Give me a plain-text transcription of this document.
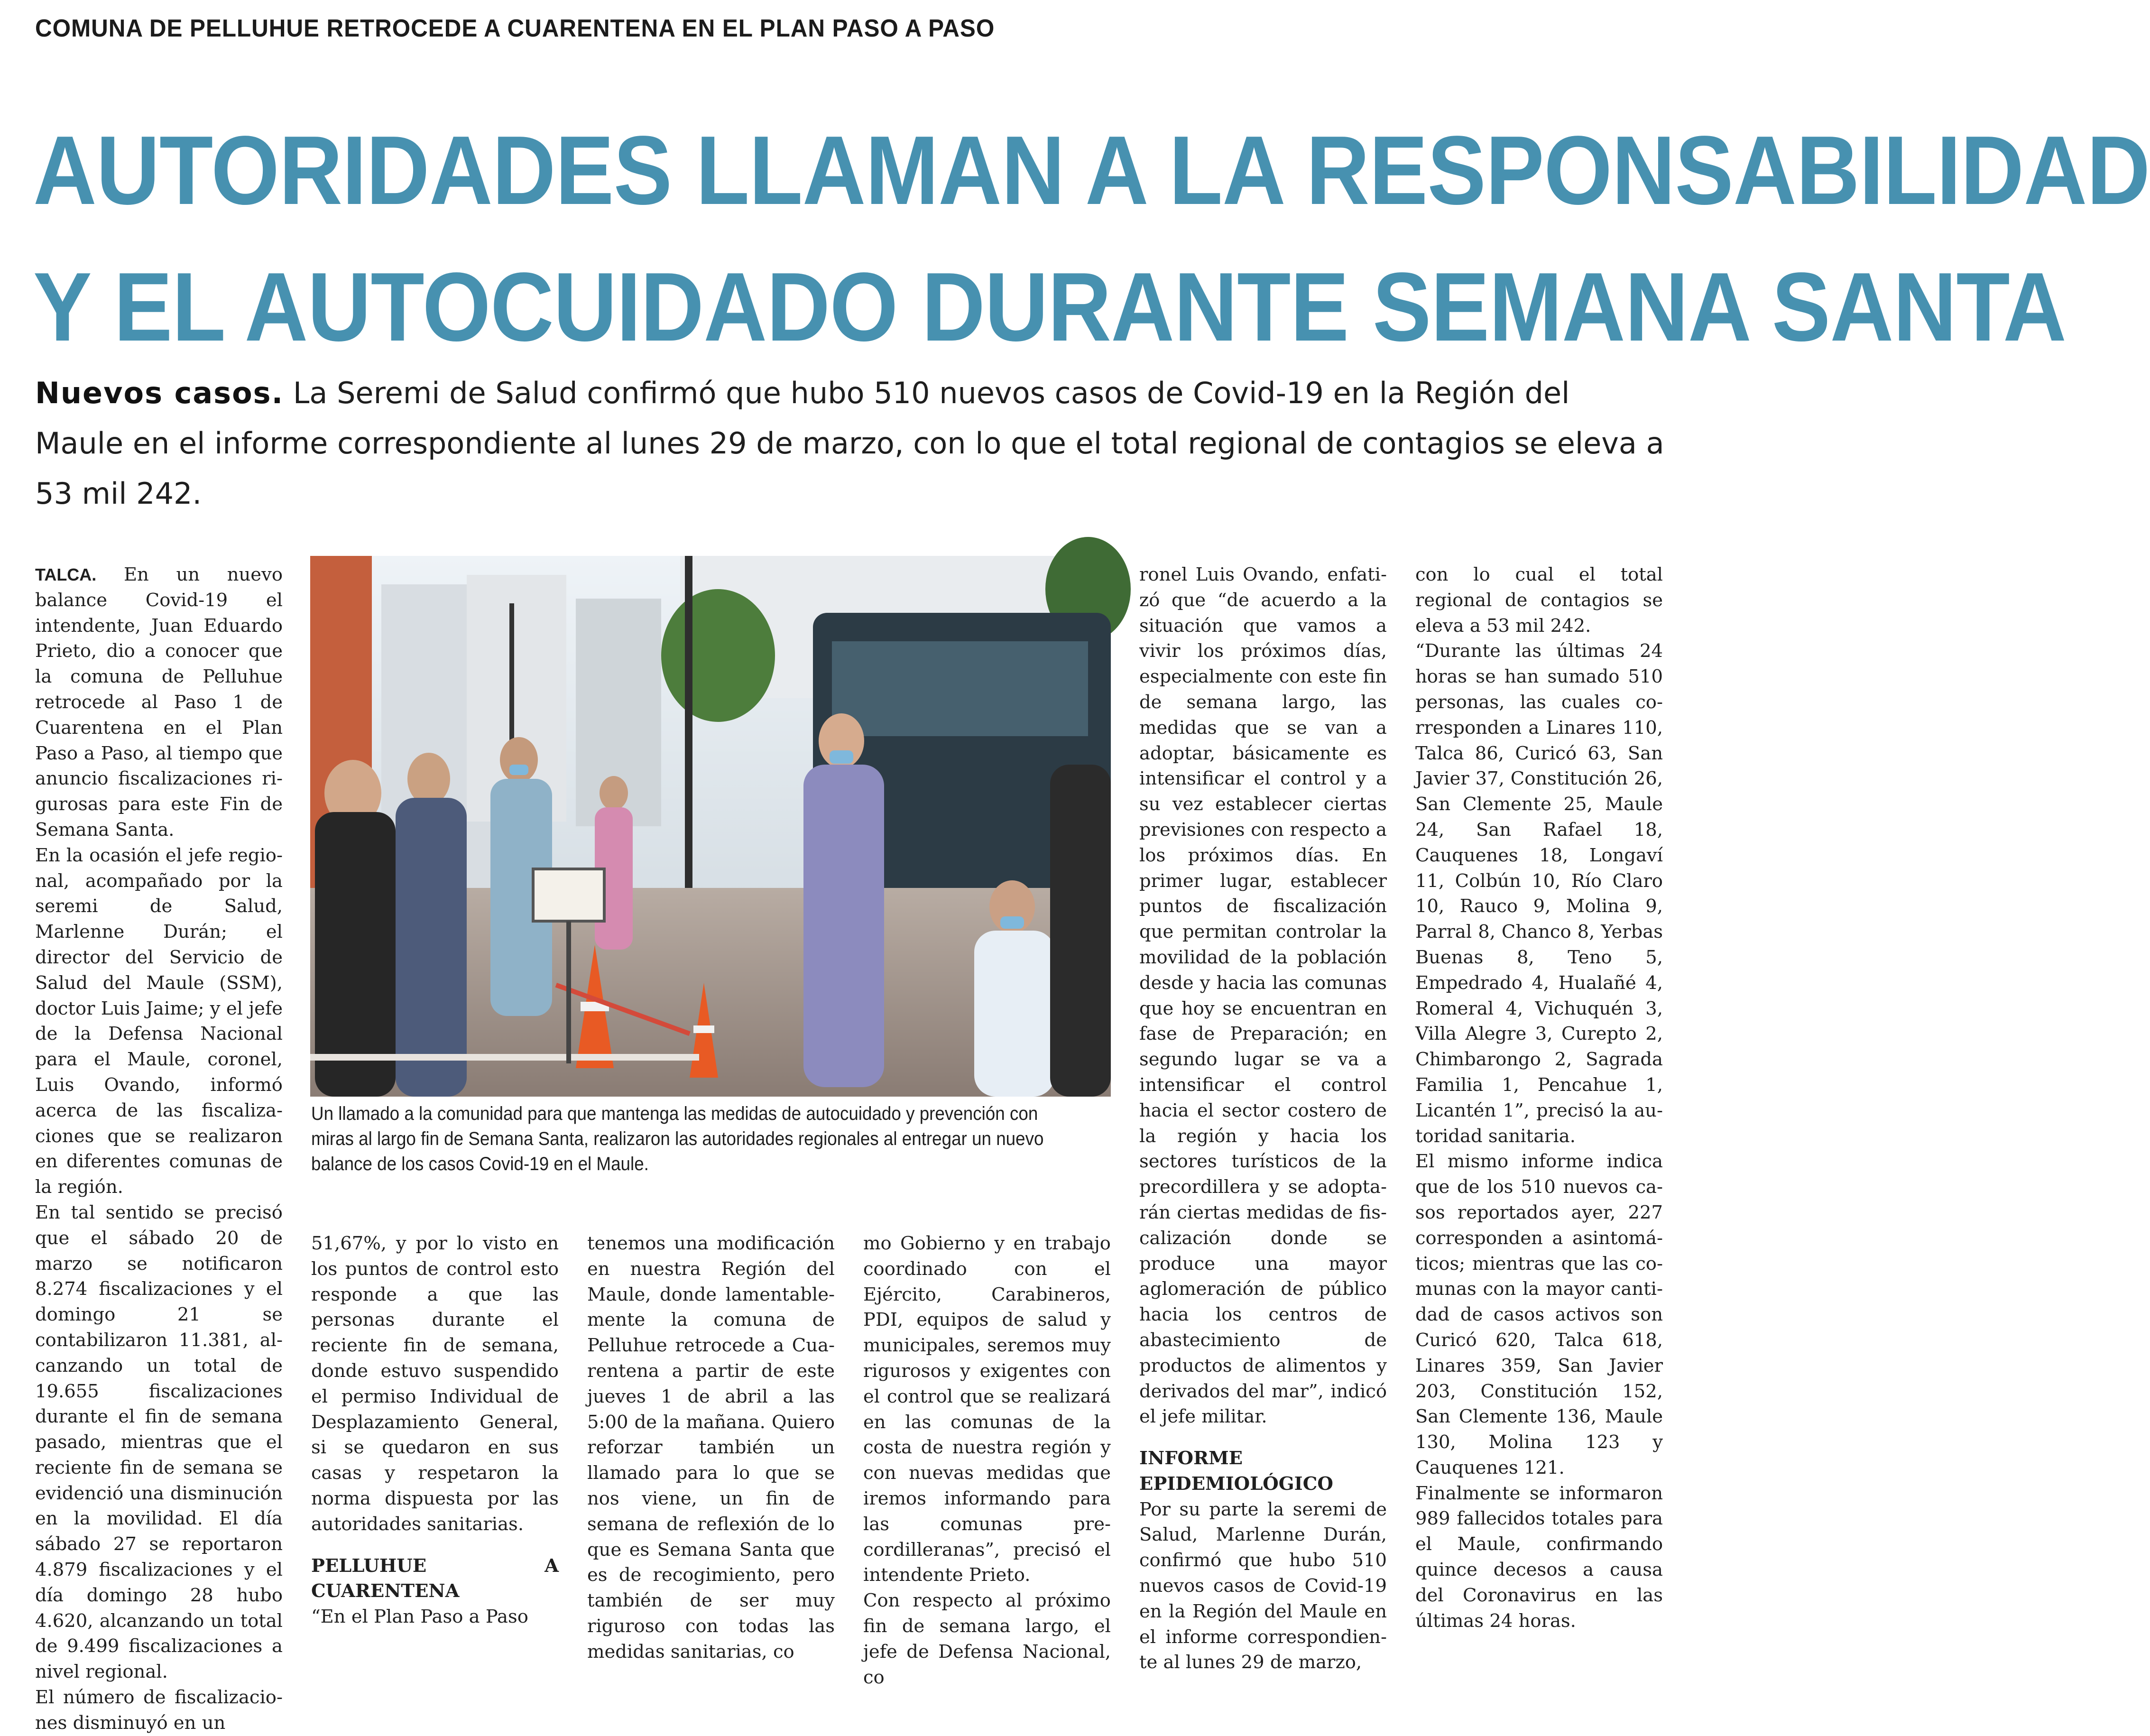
COMUNA DE PELLUHUE RETROCEDE A CUARENTENA EN EL PLAN PASO A PASO
AUTORIDADES LLAMAN A LA RESPONSABILIDAD
Y EL AUTOCUIDADO DURANTE SEMANA SANTA

Nuevos casos. La Seremi de Salud confirmó que hubo 510 nuevos casos de Covid-19 en la Región del Maule en el informe correspondiente al lunes 29 de marzo, con lo que el total regional de contagios se eleva a 53 mil 242.

TALCA. En un nuevo balance Covid-19 el intendente, Juan Eduardo Prieto, dio a conocer que la comuna de Pelluhue retrocede al Paso 1 de Cuarentena en el Plan Paso a Paso, al tiempo que anuncio fiscalizaciones rigurosas para este Fin de Semana Santa.

En la ocasión el jefe regional, acompañado por la seremi de Salud, Marlenne Durán; el director del Servicio de Salud del Maule (SSM), doctor Luis Jaime; y el jefe de la Defensa Nacional para el Maule, coronel, Luis Ovando, informó acerca de las fiscalizaciones que se realizaron en diferentes comunas de la región.

En tal sentido se precisó que el sábado 20 de marzo se notificaron 8.274 fiscalizaciones y el domingo 21 se contabilizaron 11.381, alcanzando un total de 19.655 fiscalizaciones durante el fin de semana pasado, mientras que el reciente fin de semana se evidenció una disminución en la movilidad. El día sábado 27 se reportaron 4.879 fiscalizaciones y el día domingo 28 hubo 4.620, alcanzando un total de 9.499 fiscalizaciones a nivel regional.

El número de fiscalizaciones disminuyó en un

Un llamado a la comunidad para que mantenga las medidas de autocuidado y prevención con miras al largo fin de Semana Santa, realizaron las autoridades regionales al entregar un nuevo balance de los casos Covid-19 en el Maule.

51,67%, y por lo visto en los puntos de control esto responde a que las personas durante el reciente fin de semana, donde estuvo suspendido el permiso Individual de Desplazamiento General, si se quedaron en sus casas y respetaron la norma dispuesta por las autoridades sanitarias.

PELLUHUE A CUARENTENA

“En el Plan Paso a Paso

tenemos una modificación en nuestra Región del Maule, donde lamentablemente la comuna de Pelluhue retrocede a Cuarentena a partir de este jueves 1 de abril a las 5:00 de la mañana. Quiero reforzar también un llamado para lo que se nos viene, un fin de semana de reflexión de lo que es Semana Santa que es de recogimiento, pero también de ser muy riguroso con todas las medidas sanitarias, co

mo Gobierno y en trabajo coordinado con el Ejército, Carabineros, PDI, equipos de salud y municipales, seremos muy rigurosos y exigentes con el control que se realizará en las comunas de la costa de nuestra región y con nuevas medidas que iremos informando para las comunas precordilleranas”, precisó el intendente Prieto.

Con respecto al próximo fin de semana largo, el jefe de Defensa Nacional, co

ronel Luis Ovando, enfatizó que “de acuerdo a la situación que vamos a vivir los próximos días, especialmente con este fin de semana largo, las medidas que se van a adoptar, básicamente es intensificar el control y a su vez establecer ciertas previsiones con respecto a los próximos días. En primer lugar, establecer puntos de fiscalización que permitan controlar la movilidad de la población desde y hacia las comunas que hoy se encuentran en fase de Preparación; en segundo lugar se va a intensificar el control hacia el sector costero de la región y hacia los sectores turísticos de la precordillera y se adoptarán ciertas medidas de fiscalización donde se produce una mayor aglomeración de público hacia los centros de abastecimiento de productos de alimentos y derivados del mar”, indicó el jefe militar.

INFORME EPIDEMIOLÓGICO

Por su parte la seremi de Salud, Marlenne Durán, confirmó que hubo 510 nuevos casos de Covid-19 en la Región del Maule en el informe correspondiente al lunes 29 de marzo,

con lo cual el total regional de contagios se eleva a 53 mil 242.

“Durante las últimas 24 horas se han sumado 510 personas, las cuales corresponden a Linares 110, Talca 86, Curicó 63, San Javier 37, Constitución 26, San Clemente 25, Maule 24, San Rafael 18, Cauquenes 18, Longaví 11, Colbún 10, Río Claro 10, Rauco 9, Molina 9, Parral 8, Chanco 8, Yerbas Buenas 8, Teno 5, Empedrado 4, Hualañé 4, Romeral 4, Vichuquén 3, Villa Alegre 3, Curepto 2, Chimbarongo 2, Sagrada Familia 1, Pencahue 1, Licantén 1”, precisó la autoridad sanitaria.

El mismo informe indica que de los 510 nuevos casos reportados ayer, 227 corresponden a asintomáticos; mientras que las comunas con la mayor cantidad de casos activos son Curicó 620, Talca 618, Linares 359, San Javier 203, Constitución 152, San Clemente 136, Maule 130, Molina 123 y Cauquenes 121.

Finalmente se informaron 989 fallecidos totales para el Maule, confirmando quince decesos a causa del Coronavirus en las últimas 24 horas.
